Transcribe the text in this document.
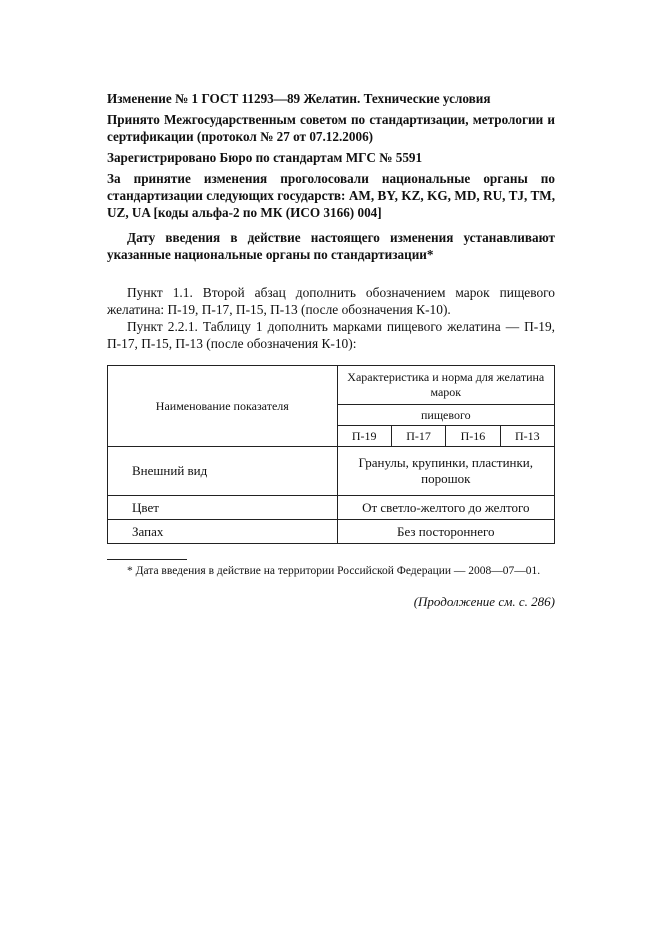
Изменение № 1 ГОСТ 11293—89 Желатин. Технические условия

Принято Межгосударственным советом по стандартизации, метрологии и сертификации (протокол № 27 от 07.12.2006)

Зарегистрировано Бюро по стандартам МГС № 5591

За принятие изменения проголосовали национальные органы по стандартизации следующих государств: AM, BY, KZ, KG, MD, RU, TJ, TM, UZ, UA [коды альфа-2 по МК (ИСО 3166) 004]

Дату введения в действие настоящего изменения устанавливают указанные национальные органы по стандартизации*

Пункт 1.1. Второй абзац дополнить обозначением марок пищевого желатина: П-19, П-17, П-15, П-13 (после обозначения К-10).

Пункт 2.2.1. Таблицу 1 дополнить марками пищевого желатина — П-19, П-17, П-15, П-13 (после обозначения К-10):

Наименование показателя	Характеристика и норма для желатина марок			
	пищевого			
	П-19	П-17	П-16	П-13
Внешний вид	Гранулы, крупинки, пластинки, порошок			
Цвет	От светло-желтого до желтого			
Запах	Без постороннего			

* Дата введения в действие на территории Российской Федерации — 2008—07—01.

(Продолжение см. с. 286)
